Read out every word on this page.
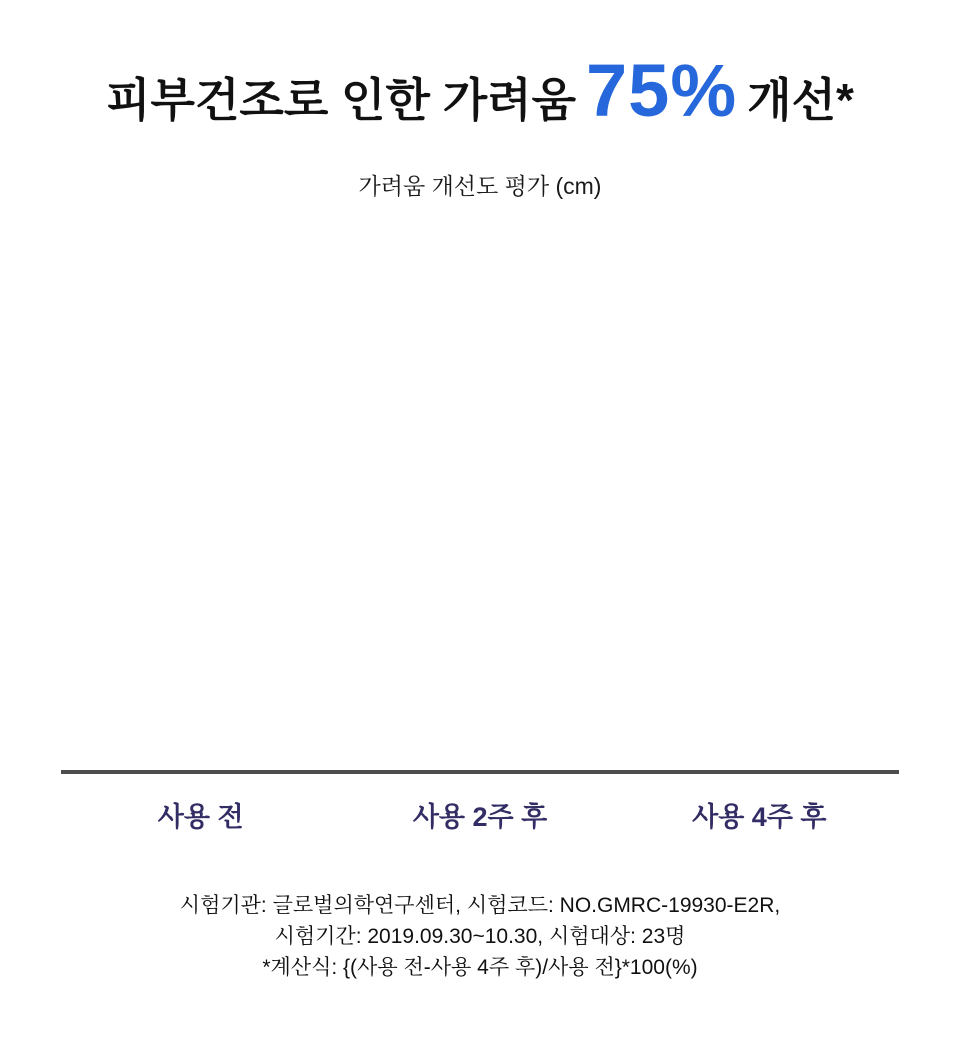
피부건조로 인한 가려움 75% 개선*
가려움 개선도 평가 (cm)
사용 전	사용 2주 후	사용 4주 후
시험기관: 글로벌의학연구센터, 시험코드: NO.GMRC-19930-E2R,
시험기간: 2019.09.30~10.30, 시험대상: 23명
*계산식: {(사용 전-사용 4주 후)/사용 전}*100(%)
